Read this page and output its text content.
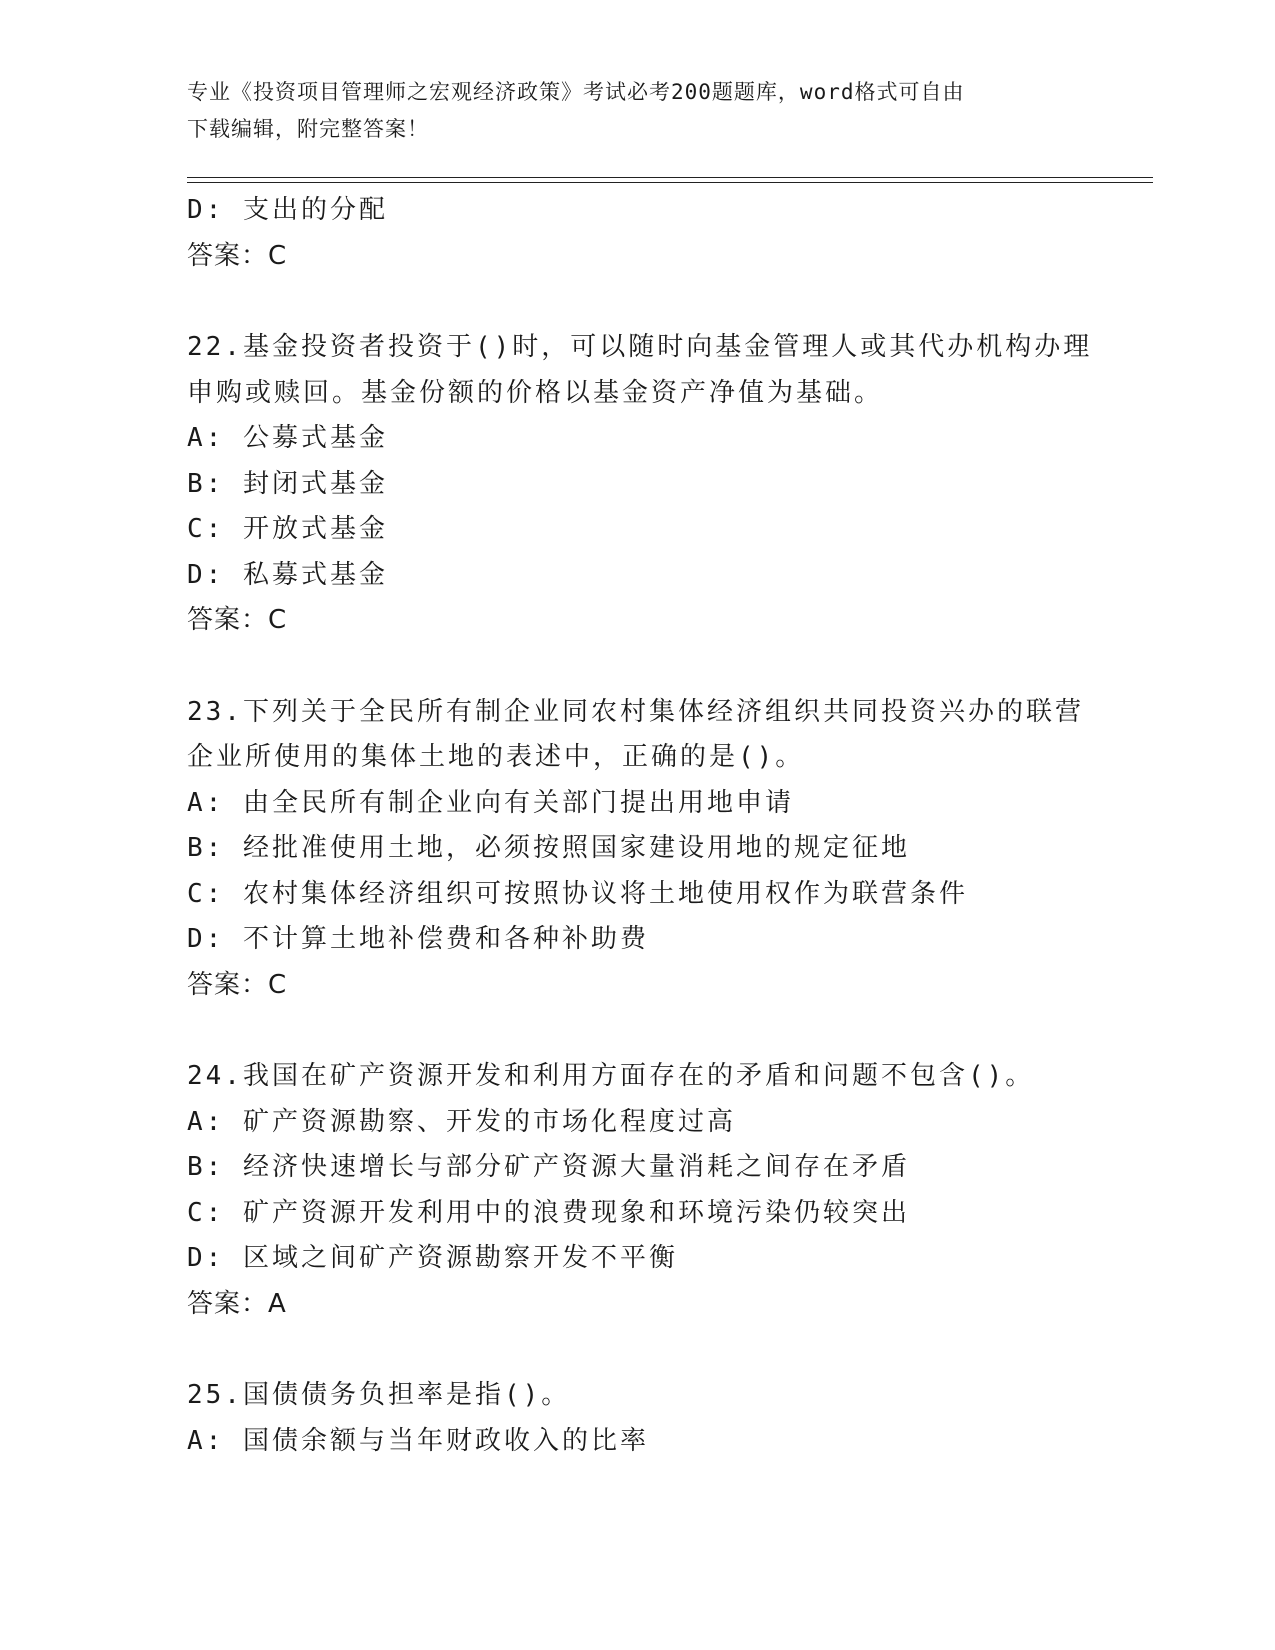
专业《投资项目管理师之宏观经济政策》考试必考200题题库，word格式可自由
下载编辑，附完整答案！
D: 支出的分配
答案：C
22.基金投资者投资于()时，可以随时向基金管理人或其代办机构办理
申购或赎回。基金份额的价格以基金资产净值为基础。
A: 公募式基金
B: 封闭式基金
C: 开放式基金
D: 私募式基金
答案：C
23.下列关于全民所有制企业同农村集体经济组织共同投资兴办的联营
企业所使用的集体土地的表述中，正确的是()。
A: 由全民所有制企业向有关部门提出用地申请
B: 经批准使用土地，必须按照国家建设用地的规定征地
C: 农村集体经济组织可按照协议将土地使用权作为联营条件
D: 不计算土地补偿费和各种补助费
答案：C
24.我国在矿产资源开发和利用方面存在的矛盾和问题不包含()。
A: 矿产资源勘察、开发的市场化程度过高
B: 经济快速增长与部分矿产资源大量消耗之间存在矛盾
C: 矿产资源开发利用中的浪费现象和环境污染仍较突出
D: 区域之间矿产资源勘察开发不平衡
答案：A
25.国债债务负担率是指()。
A: 国债余额与当年财政收入的比率
